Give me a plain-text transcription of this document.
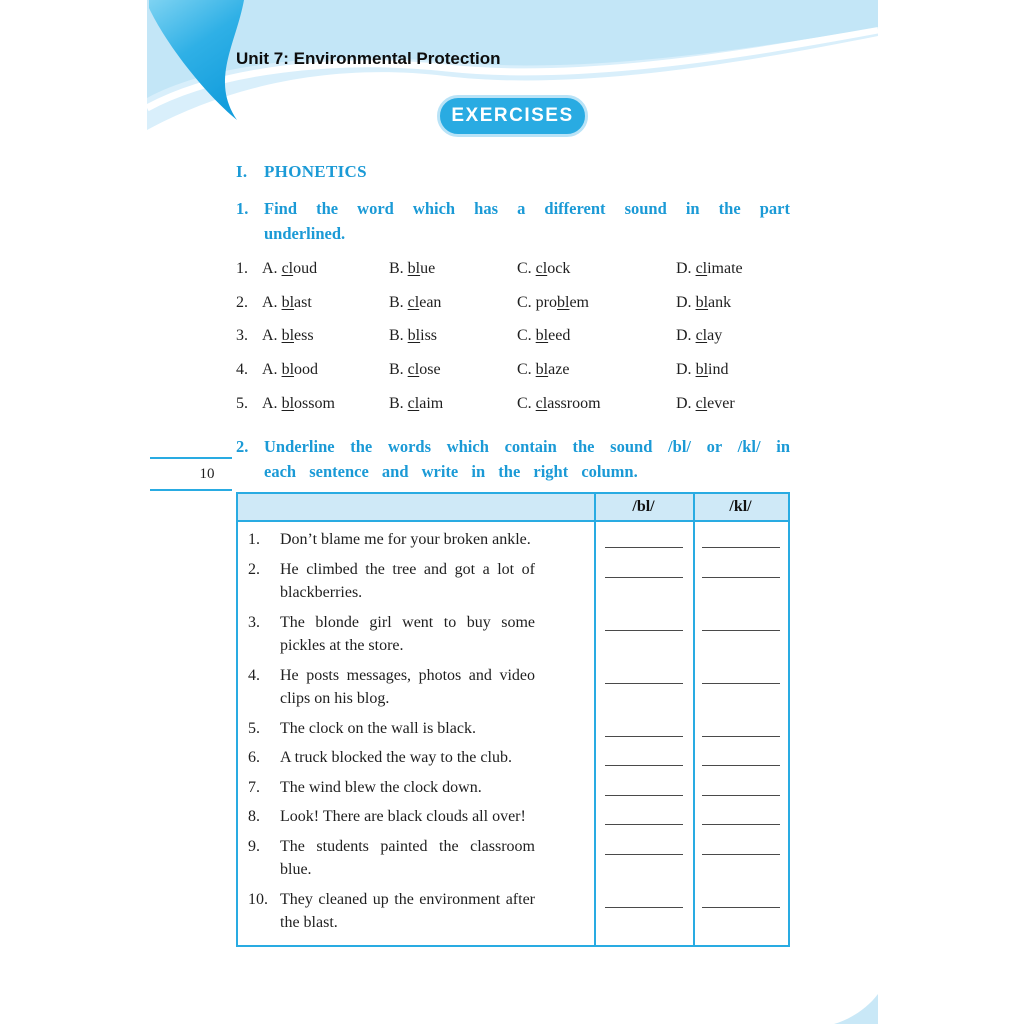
Unit 7: Environmental Protection
EXERCISES
I. PHONETICS
1. Find the word which has a different sound in the part underlined.
1. A. cloud	B. blue	C. clock	D. climate
2. A. blast	B. clean	C. problem	D. blank
3. A. bless	B. bliss	C. bleed	D. clay
4. A. blood	B. close	C. blaze	D. blind
5. A. blossom	B. claim	C. classroom	D. clever
10
2. Underline the words which contain the sound /bl/ or /kl/ in each sentence and write in the right column.
/bl/	/kl/
1. Don’t blame me for your broken ankle.
2. He climbed the tree and got a lot of blackberries.
3. The blonde girl went to buy some pickles at the store.
4. He posts messages, photos and video clips on his blog.
5. The clock on the wall is black.
6. A truck blocked the way to the club.
7. The wind blew the clock down.
8. Look! There are black clouds all over!
9. The students painted the classroom blue.
10. They cleaned up the environment after the blast.
